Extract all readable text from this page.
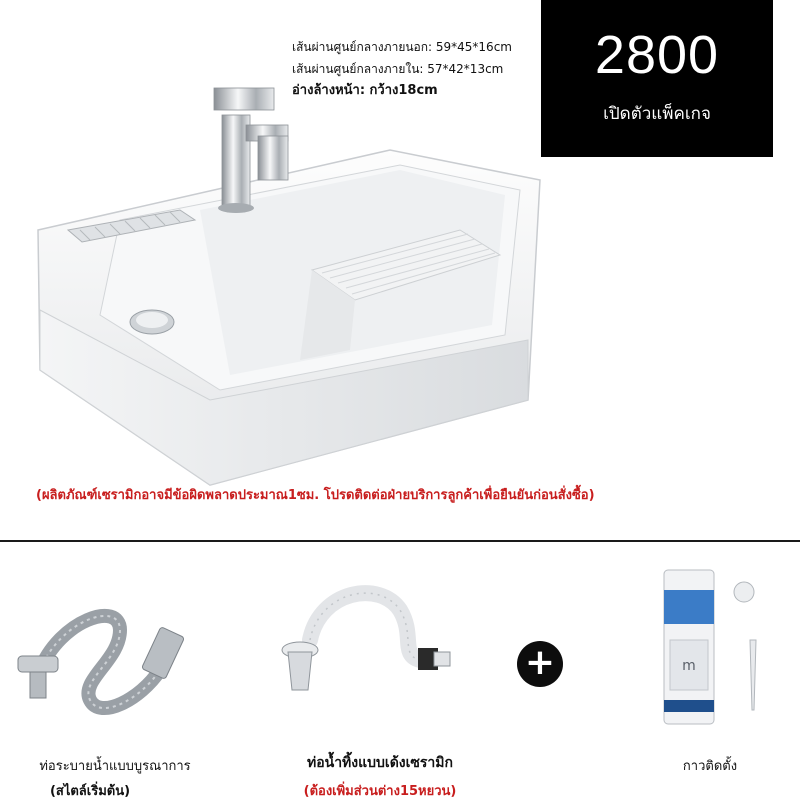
เส้นผ่านศูนย์กลางภายนอก: 59*45*16cm
เส้นผ่านศูนย์กลางภายใน: 57*42*13cm
อ่างล้างหน้า: กว้าง18cm
2800
เปิดตัวแพ็คเกจ
(ผลิตภัณฑ์เซรามิกอาจมีข้อผิดพลาดประมาณ1ซม. โปรดติดต่อฝ่ายบริการลูกค้าเพื่อยืนยันก่อนสั่งซื้อ)
ท่อระบายน้ำแบบบูรณาการ
(สไตล์เริ่มต้น)
ท่อน้ำทิ้งแบบเด้งเซรามิก
(ต้องเพิ่มส่วนต่าง15หยวน)
+	m
กาวติดตั้ง
